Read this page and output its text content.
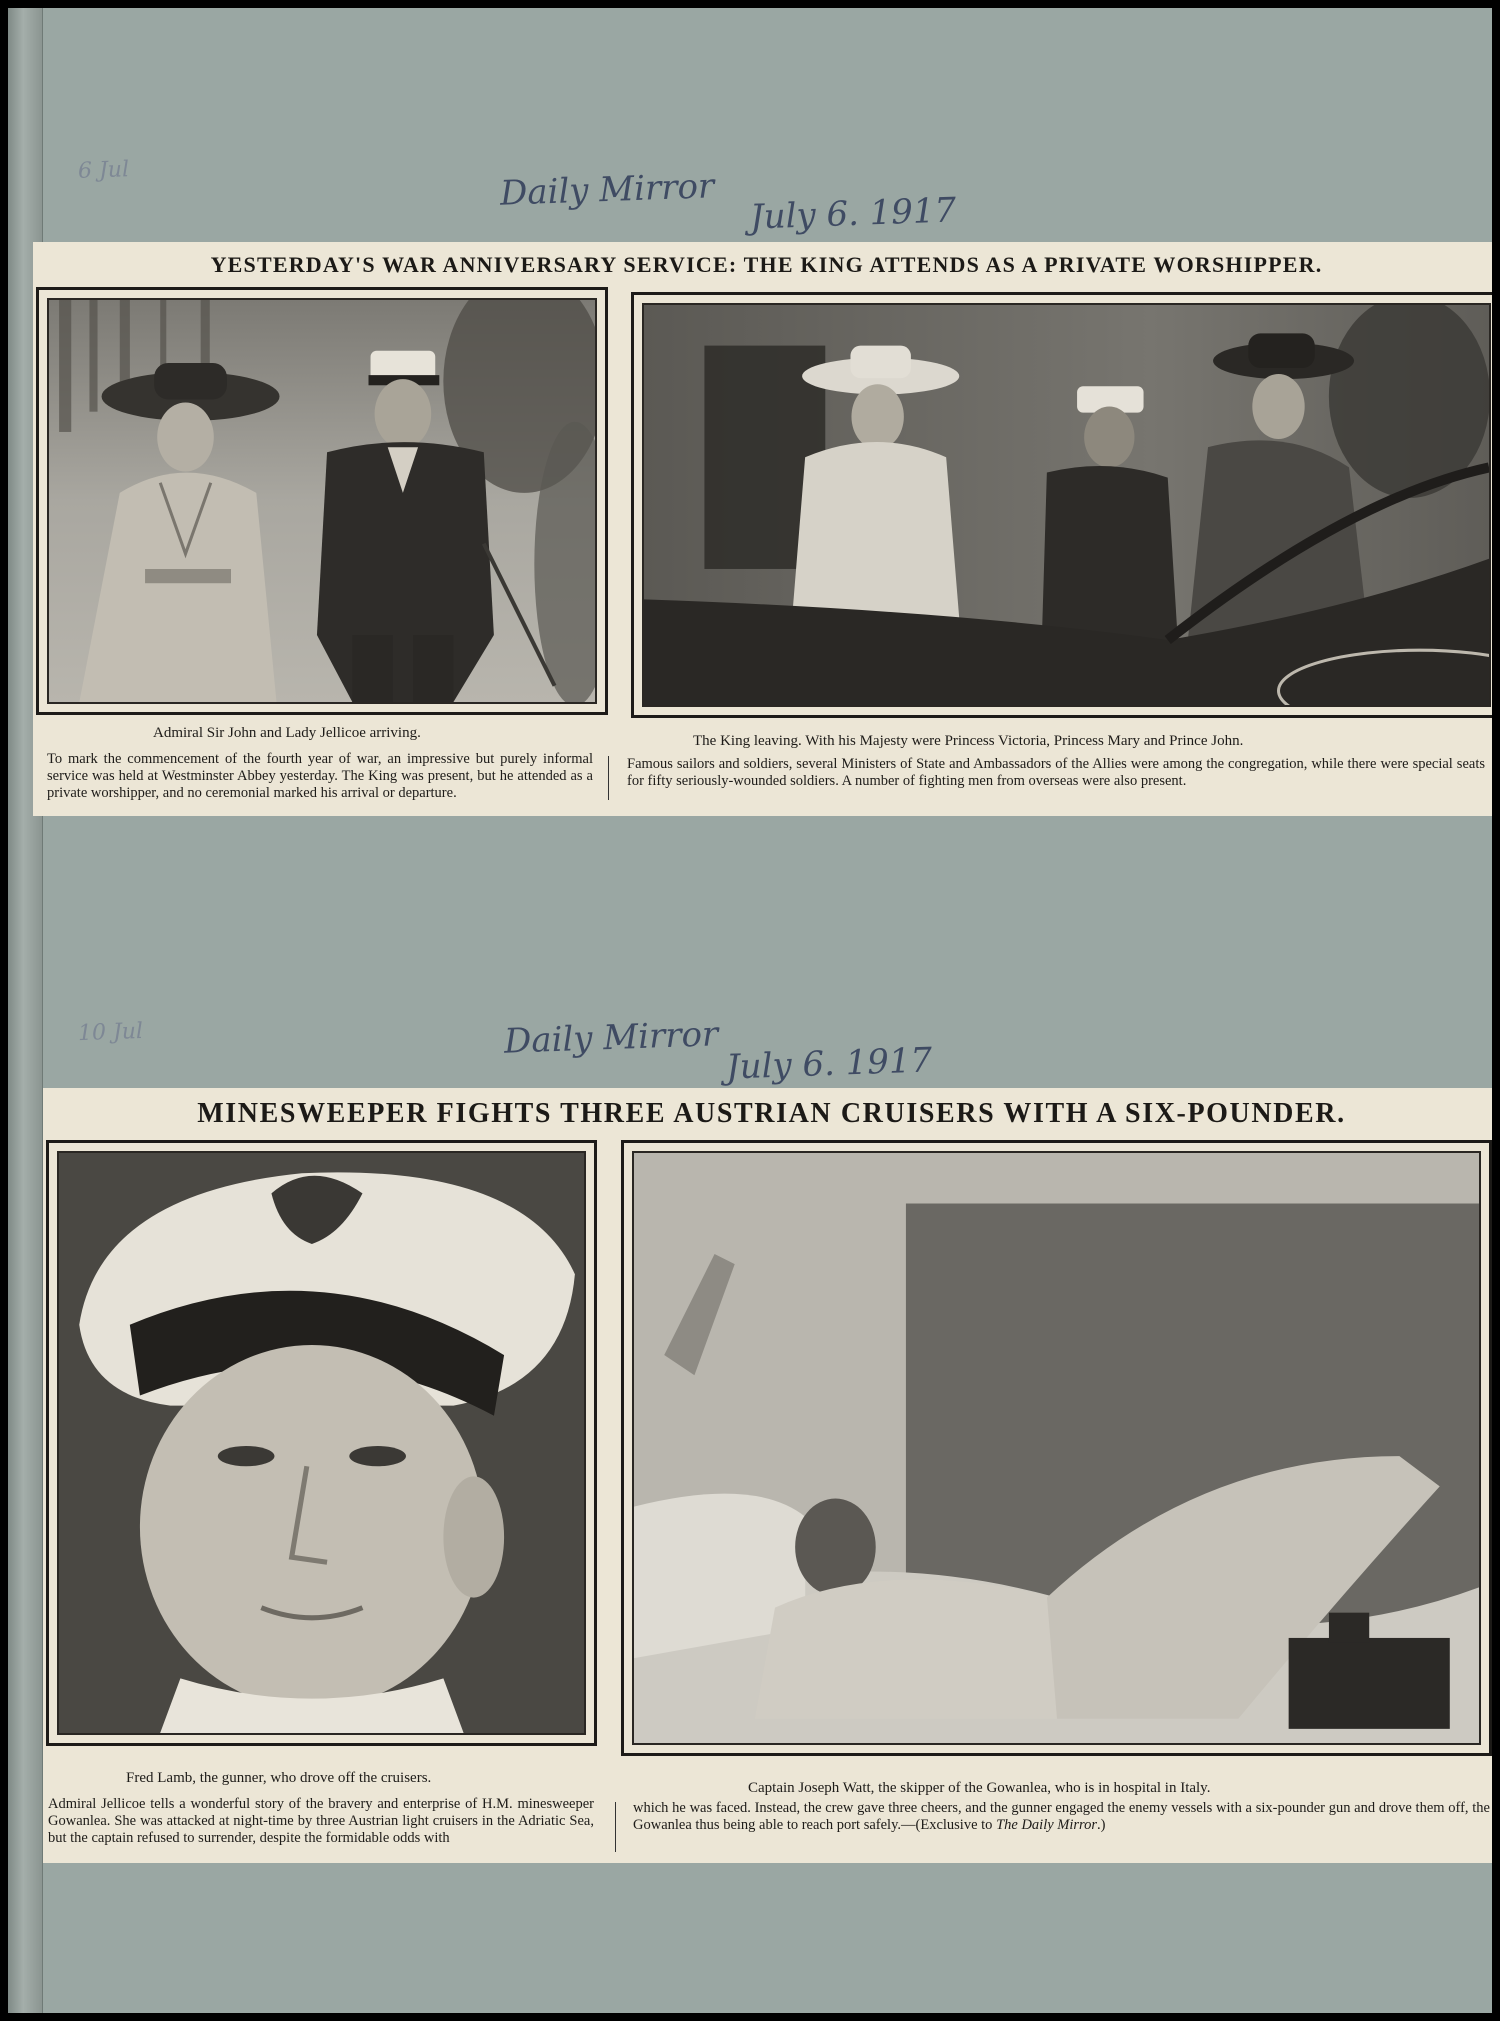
6 Jul	Daily Mirror
July 6. 1917
YESTERDAY'S WAR ANNIVERSARY SERVICE: THE KING ATTENDS AS A PRIVATE WORSHIPPER.
Admiral Sir John and Lady Jellicoe arriving.	The King leaving. With his Majesty were Princess Victoria, Princess Mary and Prince John.
To mark the commencement of the fourth year of war, an impressive but purely informal service was held at Westminster Abbey yesterday. The King was present, but he attended as a private worshipper, and no ceremonial marked his arrival or departure.
Famous sailors and soldiers, several Ministers of State and Ambassadors of the Allies were among the congregation, while there were special seats for fifty seriously-wounded soldiers. A number of fighting men from overseas were also present.
10 Jul	Daily Mirror
July 6. 1917
MINESWEEPER FIGHTS THREE AUSTRIAN CRUISERS WITH A SIX-POUNDER.
Fred Lamb, the gunner, who drove off the cruisers.
Captain Joseph Watt, the skipper of the Gowanlea, who is in hospital in Italy.
Admiral Jellicoe tells a wonderful story of the bravery and enterprise of H.M. minesweeper Gowanlea. She was attacked at night-time by three Austrian light cruisers in the Adriatic Sea, but the captain refused to surrender, despite the formidable odds with
which he was faced. Instead, the crew gave three cheers, and the gunner engaged the enemy vessels with a six-pounder gun and drove them off, the Gowanlea thus being able to reach port safely.—(Exclusive to The Daily Mirror.)
